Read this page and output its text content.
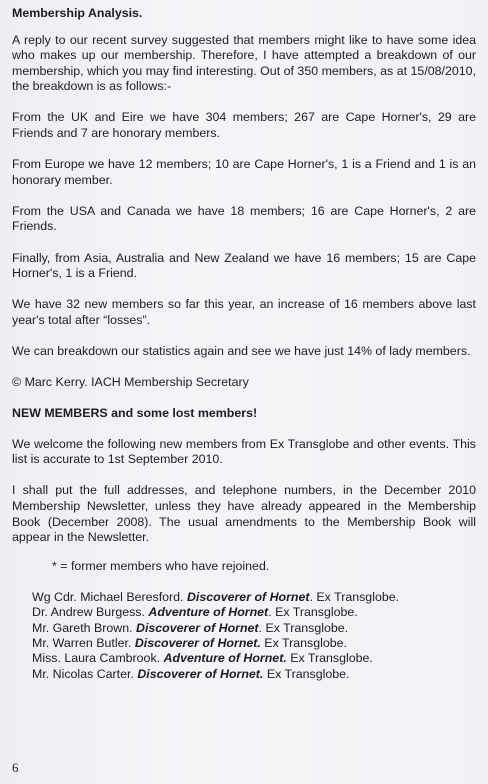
Membership Analysis.

A reply to our recent survey suggested that members might like to have some idea who makes up our membership. Therefore, I have attempted a breakdown of our membership, which you may find interesting. Out of 350 members, as at 15/08/2010, the breakdown is as follows:-

From the UK and Eire we have 304 members; 267 are Cape Horner's, 29 are Friends and 7 are honorary members.

From Europe we have 12 members; 10 are Cape Horner's, 1 is a Friend and 1 is an honorary member.

From the USA and Canada we have 18 members; 16 are Cape Horner's, 2 are Friends.

Finally, from Asia, Australia and New Zealand we have 16 members; 15 are Cape Horner's, 1 is a Friend.

We have 32 new members so far this year, an increase of 16 members above last year's total after “losses”.

We can breakdown our statistics again and see we have just 14% of lady members.

© Marc Kerry. IACH Membership Secretary

NEW MEMBERS and some lost members!

We welcome the following new members from Ex Transglobe and other events. This list is accurate to 1st September 2010.

I shall put the full addresses, and telephone numbers, in the December 2010 Membership Newsletter, unless they have already appeared in the Membership Book (December 2008). The usual amendments to the Membership Book will appear in the Newsletter.

* = former members who have rejoined.

Wg Cdr. Michael Beresford. Discoverer of Hornet. Ex Transglobe.
Dr. Andrew Burgess. Adventure of Hornet. Ex Transglobe.
Mr. Gareth Brown. Discoverer of Hornet. Ex Transglobe.
Mr. Warren Butler. Discoverer of Hornet. Ex Transglobe.
Miss. Laura Cambrook. Adventure of Hornet. Ex Transglobe.
Mr. Nicolas Carter. Discoverer of Hornet. Ex Transglobe.
6
